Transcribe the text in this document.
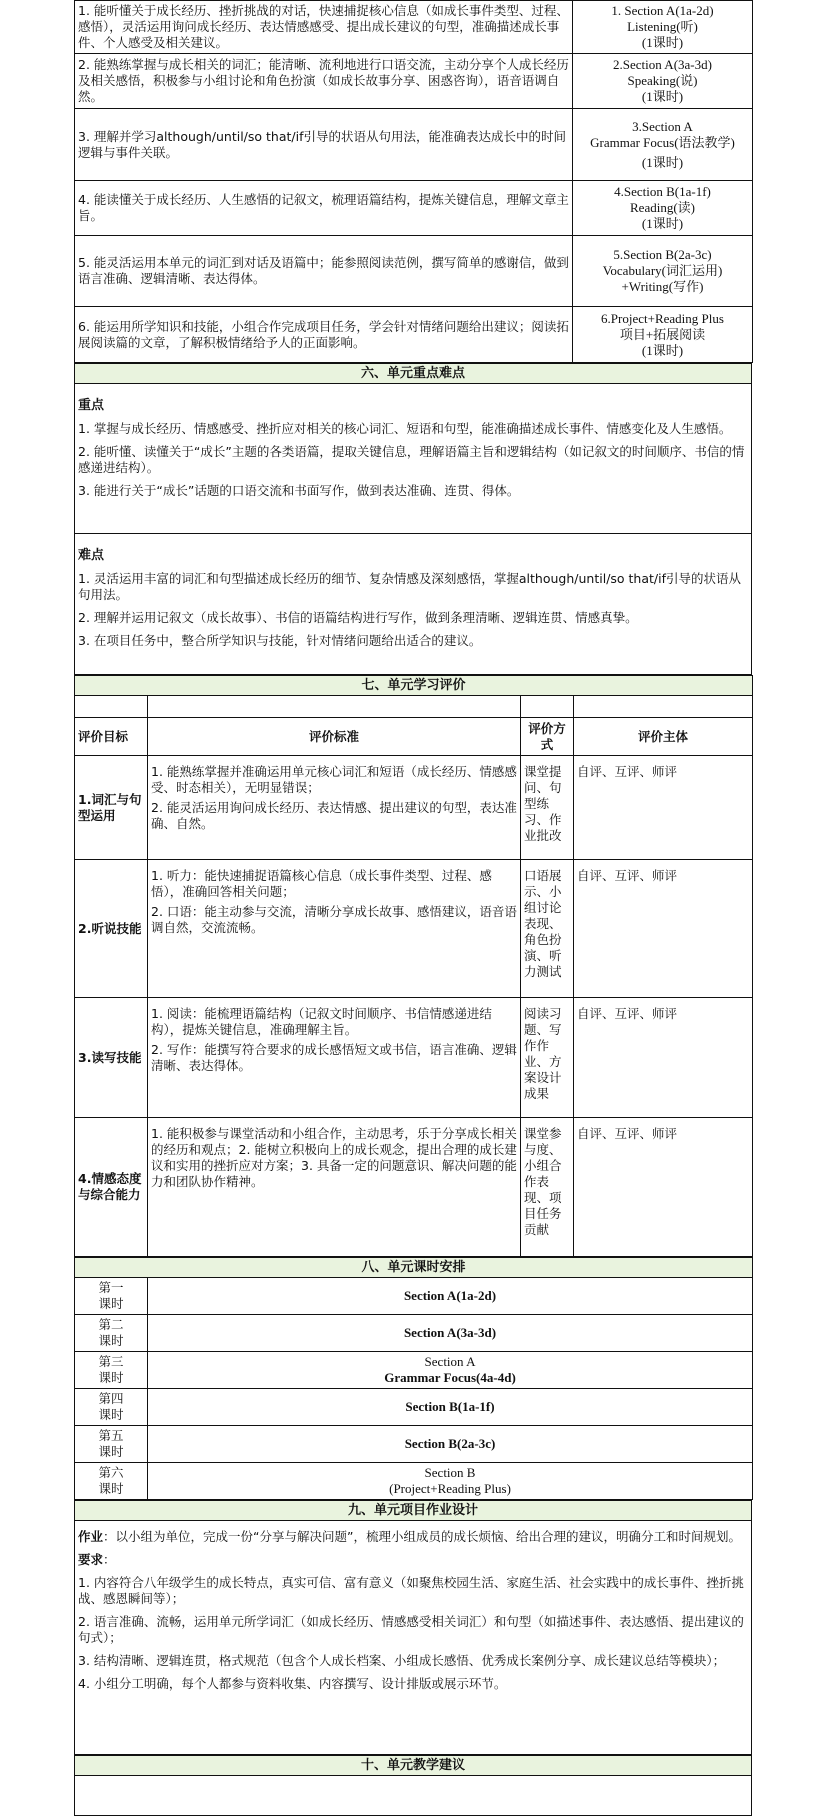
1. 能听懂关于成长经历、挫折挑战的对话，快速捕捉核心信息（如成长事件类型、过程、感悟），灵活运用询问成长经历、表达情感感受、提出成长建议的句型，准确描述成长事件、个人感受及相关建议。	1. Section A(1a-2d)
Listening(听)
(1课时)

2. 能熟练掌握与成长相关的词汇；能清晰、流利地进行口语交流，主动分享个人成长经历及相关感悟，积极参与小组讨论和角色扮演（如成长故事分享、困惑咨询），语音语调自然。	2.Section A(3a-3d)
Speaking(说)
(1课时)

3. 理解并学习although/until/so that/if引导的状语从句用法，能准确表达成长中的时间逻辑与事件关联。	3.Section A
Grammar Focus(语法教学)
(1课时)

4. 能读懂关于成长经历、人生感悟的记叙文，梳理语篇结构，提炼关键信息，理解文章主旨。	4.Section B(1a-1f)
Reading(读)
(1课时)

5. 能灵活运用本单元的词汇到对话及语篇中；能参照阅读范例，撰写简单的感谢信，做到语言准确、逻辑清晰、表达得体。	5.Section B(2a-3c)
Vocabulary(词汇运用)
+Writing(写作)

6. 能运用所学知识和技能，小组合作完成项目任务，学会针对情绪问题给出建议；阅读拓展阅读篇的文章，了解积极情绪给予人的正面影响。	6.Project+Reading Plus
项目+拓展阅读
(1课时)
六、单元重点难点

重点

1. 掌握与成长经历、情感感受、挫折应对相关的核心词汇、短语和句型，能准确描述成长事件、情感变化及人生感悟。

2. 能听懂、读懂关于“成长”主题的各类语篇，提取关键信息，理解语篇主旨和逻辑结构（如记叙文的时间顺序、书信的情感递进结构）。

3. 能进行关于“成长”话题的口语交流和书面写作，做到表达准确、连贯、得体。

难点

1. 灵活运用丰富的词汇和句型描述成长经历的细节、复杂情感及深刻感悟，掌握although/until/so that/if引导的状语从句用法。

2. 理解并运用记叙文（成长故事）、书信的语篇结构进行写作，做到条理清晰、逻辑连贯、情感真挚。

3. 在项目任务中，整合所学知识与技能，针对情绪问题给出适合的建议。

七、单元学习评价			

评价目标	评价标准	评价方式	评价主体
1.词汇与句型运用	1. 能熟练掌握并准确运用单元核心词汇和短语（成长经历、情感感受、时态相关），无明显错误；

2. 能灵活运用询问成长经历、表达情感、提出建议的句型，表达准确、自然。	课堂提问、句型练习、作业批改	自评、互评、师评
2.听说技能	1. 听力：能快速捕捉语篇核心信息（成长事件类型、过程、感悟），准确回答相关问题；

2. 口语：能主动参与交流，清晰分享成长故事、感悟建议，语音语调自然，交流流畅。	口语展示、小组讨论表现、角色扮演、听力测试	自评、互评、师评
3.读写技能	1. 阅读：能梳理语篇结构（记叙文时间顺序、书信情感递进结构），提炼关键信息，准确理解主旨。

2. 写作：能撰写符合要求的成长感悟短文或书信，语言准确、逻辑清晰、表达得体。	阅读习题、写作作业、方案设计成果	自评、互评、师评
4.情感态度与综合能力	1. 能积极参与课堂活动和小组合作，主动思考，乐于分享成长相关的经历和观点；2. 能树立积极向上的成长观念，提出合理的成长建议和实用的挫折应对方案；3. 具备一定的问题意识、解决问题的能力和团队协作精神。	课堂参与度、小组合作表现、项目任务贡献	自评、互评、师评
八、单元课时安排	
第一课时	Section A(1a-2d)

第二课时	Section A(3a-3d)

第三课时	Section A
Grammar Focus(4a-4d)

第四课时	Section B(1a-1f)

第五课时	Section B(2a-3c)

第六课时	Section B
(Project+Reading Plus)
九、单元项目作业设计

作业：以小组为单位，完成一份“分享与解决问题”，梳理小组成员的成长烦恼、给出合理的建议，明确分工和时间规划。

要求：

1. 内容符合八年级学生的成长特点，真实可信、富有意义（如聚焦校园生活、家庭生活、社会实践中的成长事件、挫折挑战、感恩瞬间等）；

2. 语言准确、流畅，运用单元所学词汇（如成长经历、情感感受相关词汇）和句型（如描述事件、表达感悟、提出建议的句式）；

3. 结构清晰、逻辑连贯，格式规范（包含个人成长档案、小组成长感悟、优秀成长案例分享、成长建议总结等模块）；

4. 小组分工明确，每个人都参与资料收集、内容撰写、设计排版或展示环节。

十、单元教学建议
